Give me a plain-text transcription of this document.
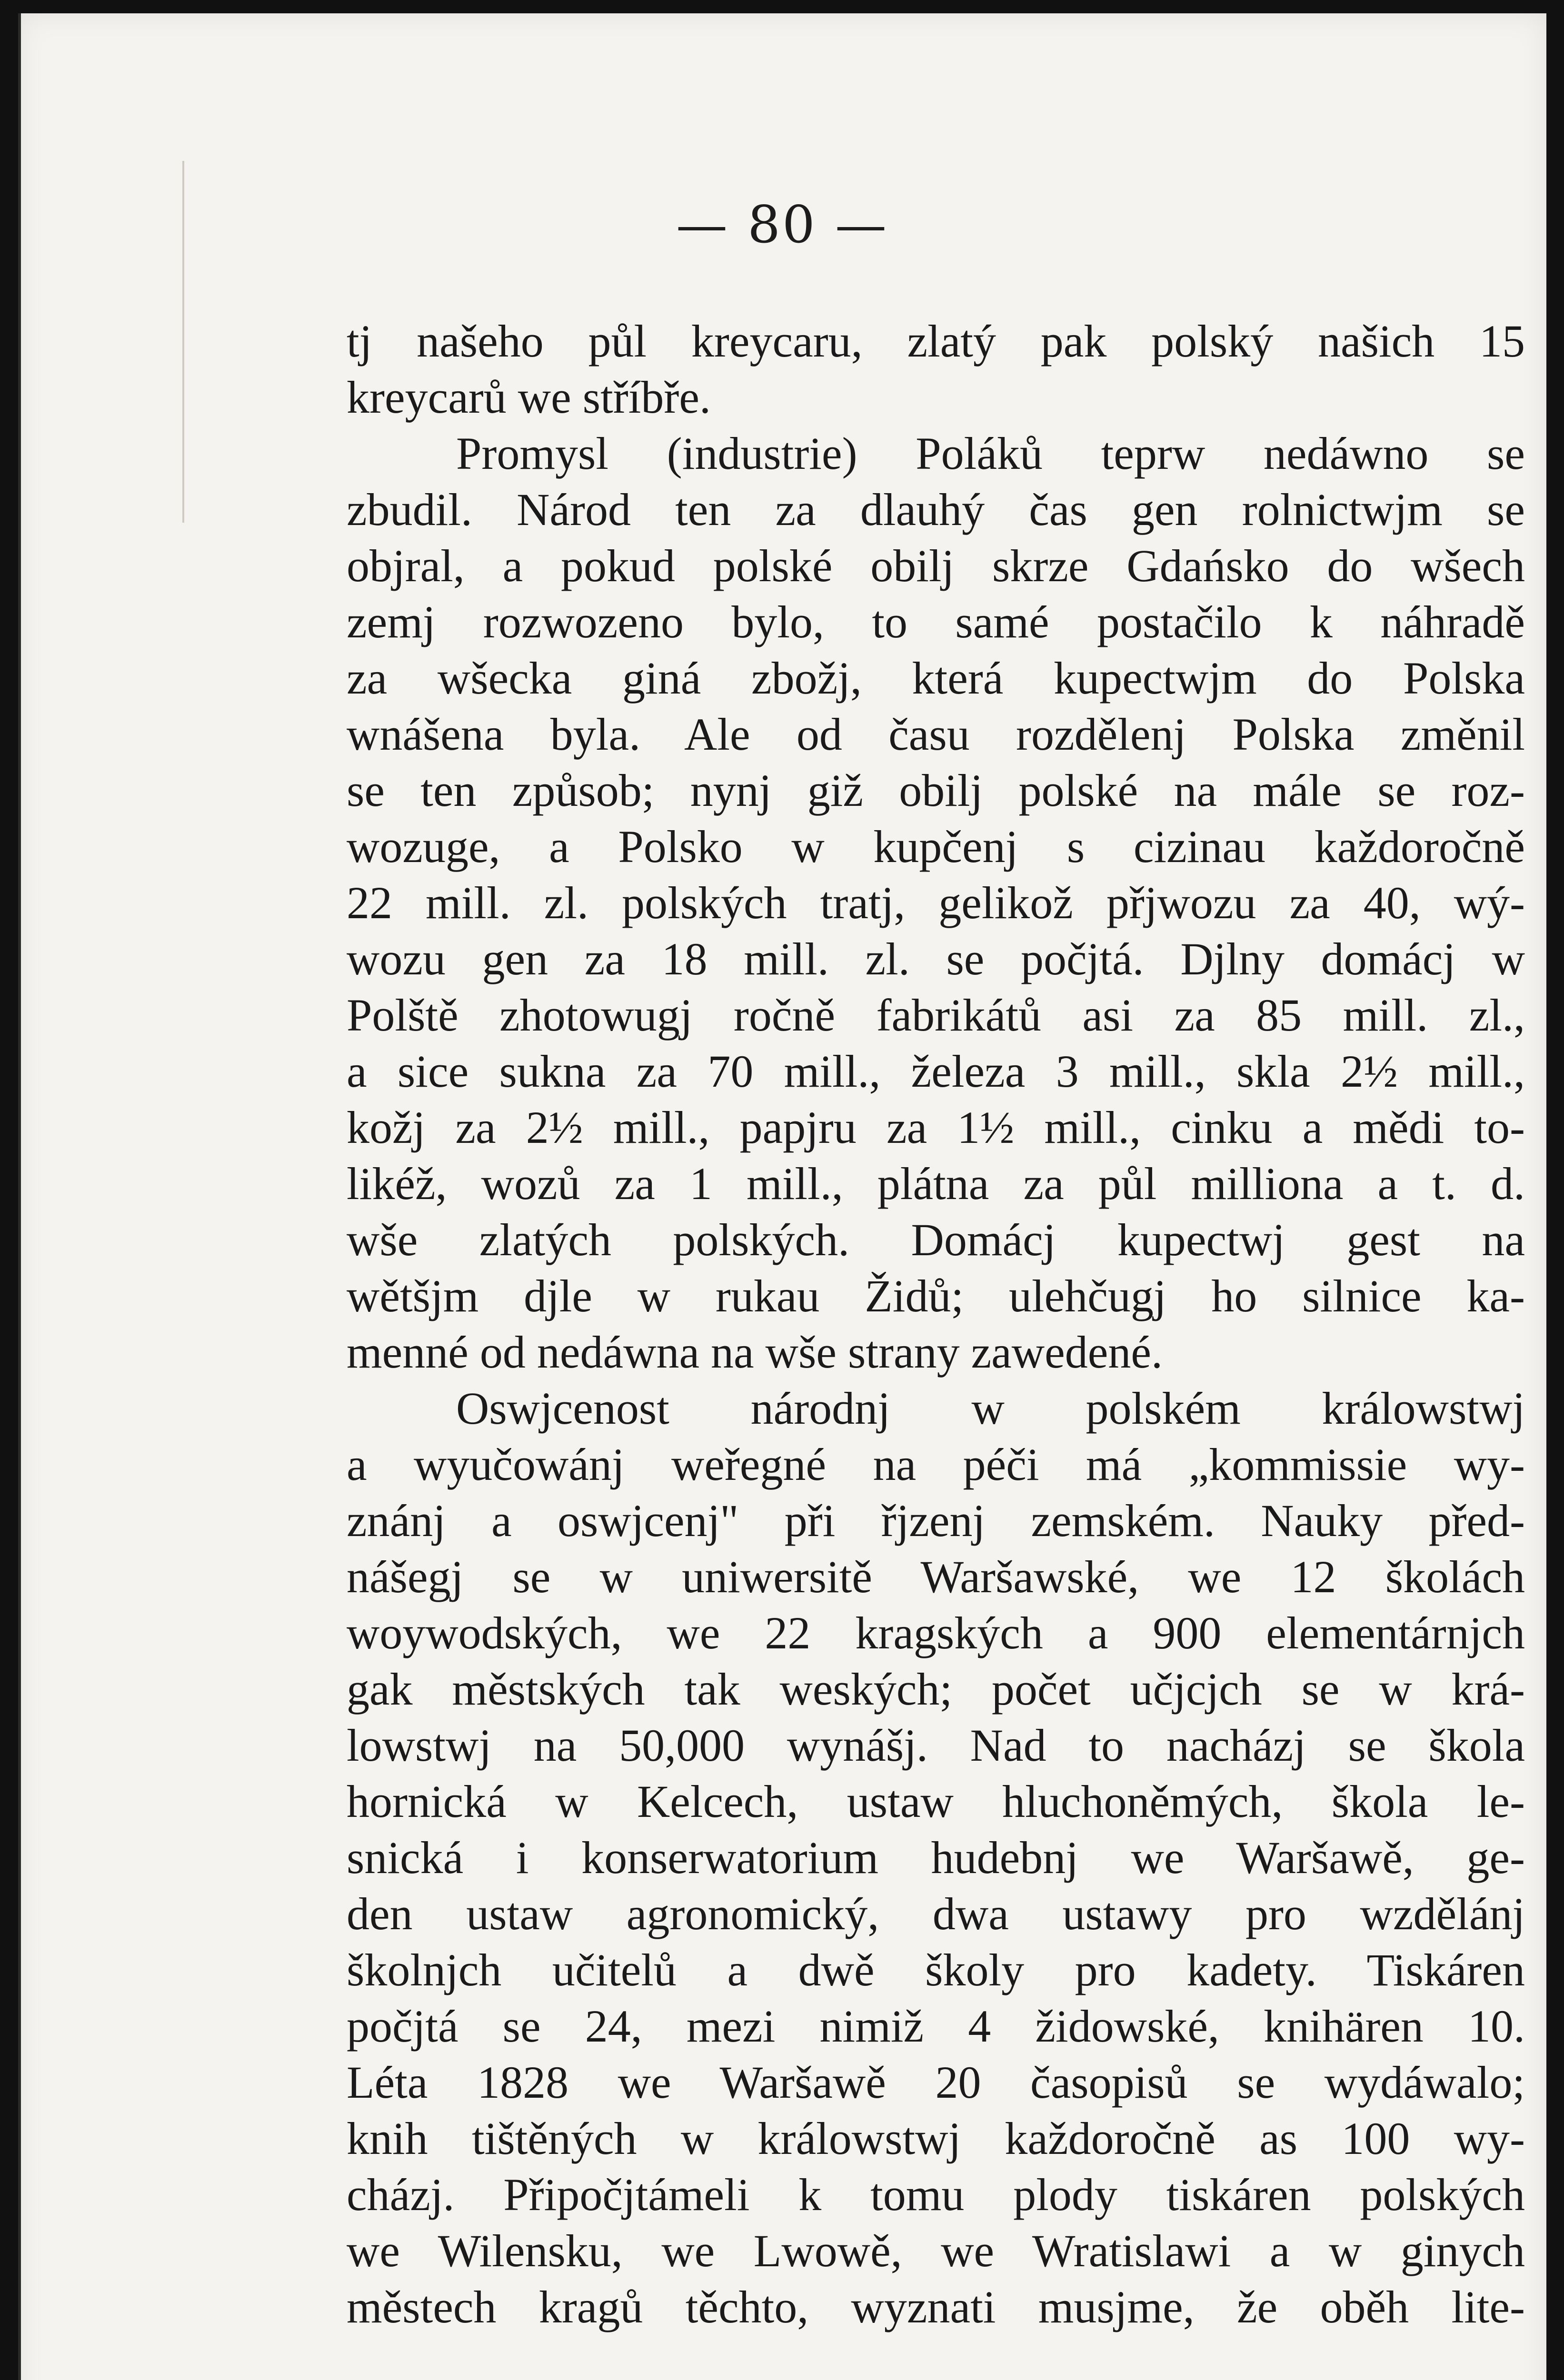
— 80 —
tj našeho půl kreycaru, zlatý pak polský našich 15
kreycarů we stříbře.
Promysl (industrie) Poláků teprw nedáwno se
zbudil. Národ ten za dlauhý čas gen rolnictwjm se
objral, a pokud polské obilj skrze Gdańsko do wšech
zemj rozwozeno bylo, to samé postačilo k náhradě
za wšecka giná zbožj, která kupectwjm do Polska
wnášena byla. Ale od času rozdělenj Polska změnil
se ten způsob; nynj giž obilj polské na mále se roz-
wozuge, a Polsko w kupčenj s cizinau každoročně
22 mill. zl. polských tratj, gelikož přjwozu za 40, wý-
wozu gen za 18 mill. zl. se počjtá. Djlny domácj w
Polště zhotowugj ročně fabrikátů asi za 85 mill. zl.,
a sice sukna za 70 mill., železa 3 mill., skla 2½ mill.,
kožj za 2½ mill., papjru za 1½ mill., cinku a mědi to-
likéž, wozů za 1 mill., plátna za půl milliona a t. d.
wše zlatých polských. Domácj kupectwj gest na
wětšjm djle w rukau Židů; ulehčugj ho silnice ka-
menné od nedáwna na wše strany zawedené.
Oswjcenost národnj w polském králowstwj
a wyučowánj weřegné na péči má „kommissie wy-
znánj a oswjcenj" při řjzenj zemském. Nauky před-
nášegj se w uniwersitě Waršawské, we 12 školách
woywodských, we 22 kragských a 900 elementárnjch
gak městských tak weských; počet učjcjch se w krá-
lowstwj na 50,000 wynášj. Nad to nacházj se škola
hornická w Kelcech, ustaw hluchoněmých, škola le-
snická i konserwatorium hudebnj we Waršawě, ge-
den ustaw agronomický, dwa ustawy pro wzdělánj
školnjch učitelů a dwě školy pro kadety. Tiskáren
počjtá se 24, mezi nimiž 4 židowské, knihären 10.
Léta 1828 we Waršawě 20 časopisů se wydáwalo;
knih tištěných w králowstwj každoročně as 100 wy-
cházj. Připočjtámeli k tomu plody tiskáren polských
we Wilensku, we Lwowě, we Wratislawi a w ginych
městech kragů těchto, wyznati musjme, že oběh lite-
